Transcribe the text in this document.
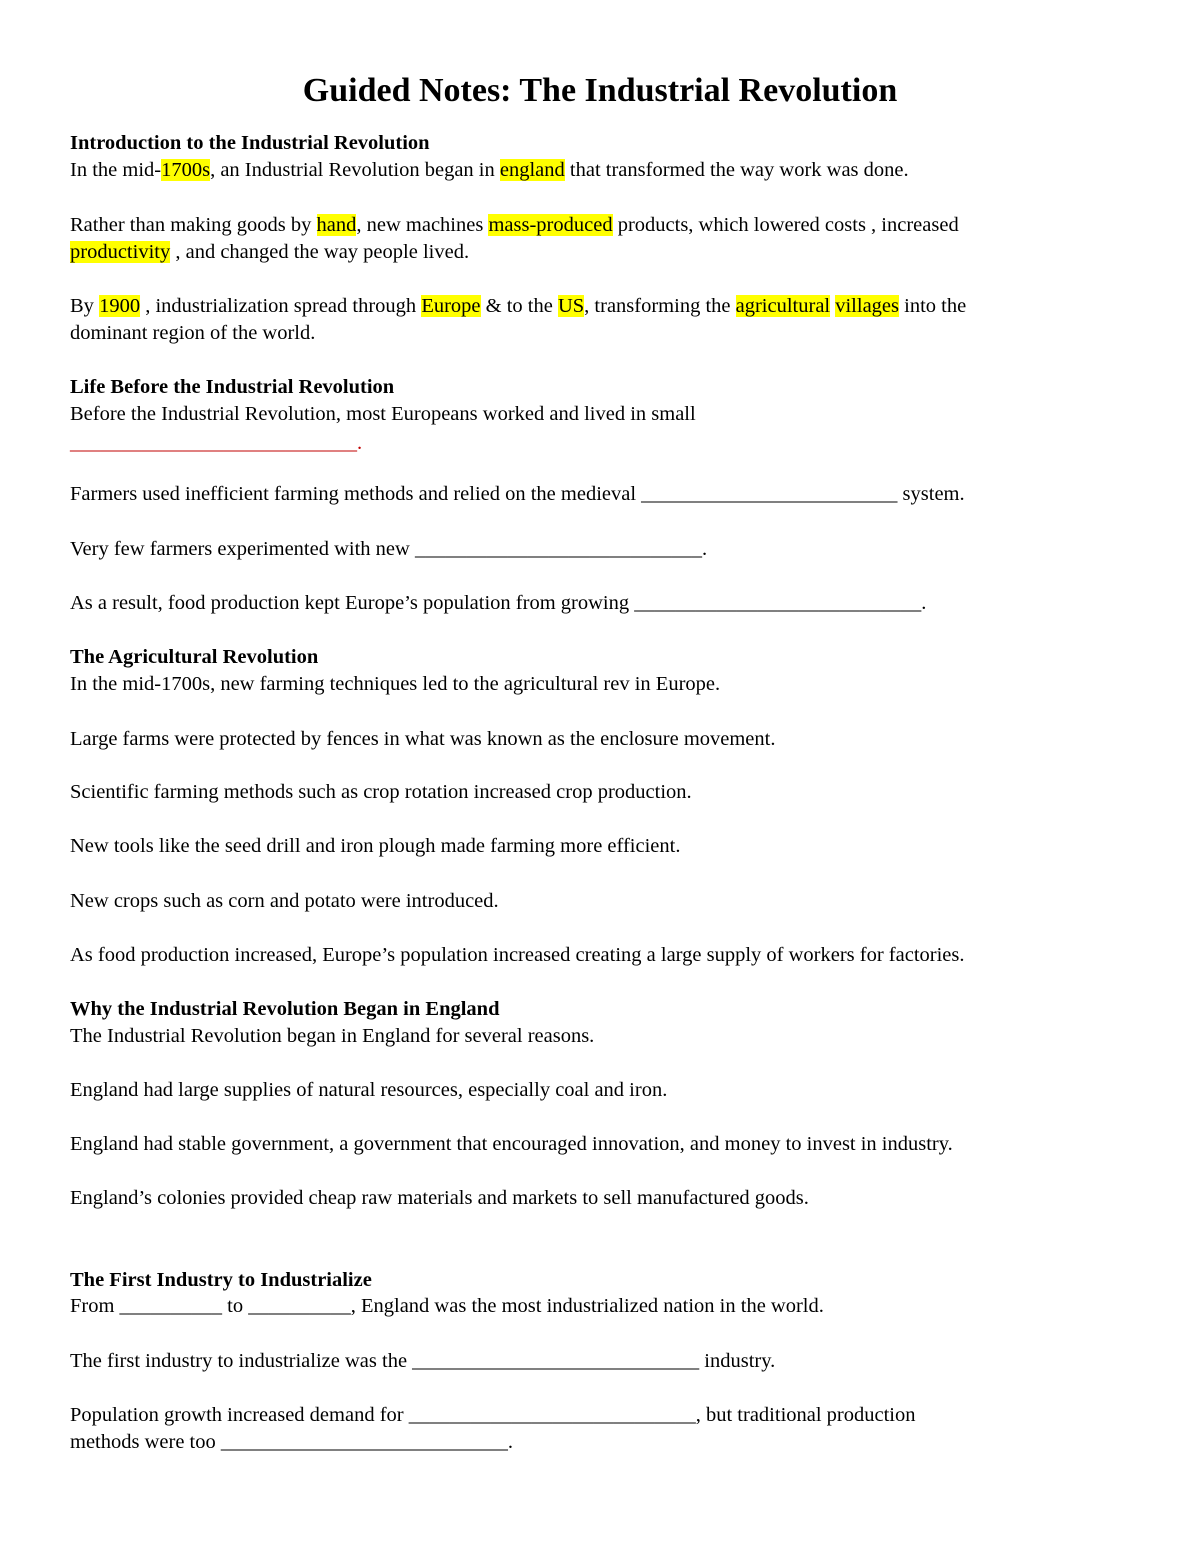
Guided Notes: The Industrial Revolution
Introduction to the Industrial Revolution
In the mid-1700s, an Industrial Revolution began in england that transformed the way work was done.
Rather than making goods by hand, new machines mass-produced products, which lowered costs , increased
productivity , and changed the way people lived.
By 1900 , industrialization spread through Europe & to the US, transforming the agricultural villages into the
dominant region of the world.
Life Before the Industrial Revolution
Before the Industrial Revolution, most Europeans worked and lived in small
____________________________.
Farmers used inefficient farming methods and relied on the medieval _________________________ system.
Very few farmers experimented with new ____________________________.
As a result, food production kept Europe’s population from growing ____________________________.
The Agricultural Revolution
In the mid-1700s, new farming techniques led to the agricultural rev in Europe.
Large farms were protected by fences in what was known as the enclosure movement.
Scientific farming methods such as crop rotation increased crop production.
New tools like the seed drill and iron plough made farming more efficient.
New crops such as corn and potato were introduced.
As food production increased, Europe’s population increased creating a large supply of workers for factories.
Why the Industrial Revolution Began in England
The Industrial Revolution began in England for several reasons.
England had large supplies of natural resources, especially coal and iron.
England had stable government, a government that encouraged innovation, and money to invest in industry.
England’s colonies provided cheap raw materials and markets to sell manufactured goods.
The First Industry to Industrialize
From __________ to __________, England was the most industrialized nation in the world.
The first industry to industrialize was the ____________________________ industry.
Population growth increased demand for ____________________________, but traditional production
methods were too ____________________________.
